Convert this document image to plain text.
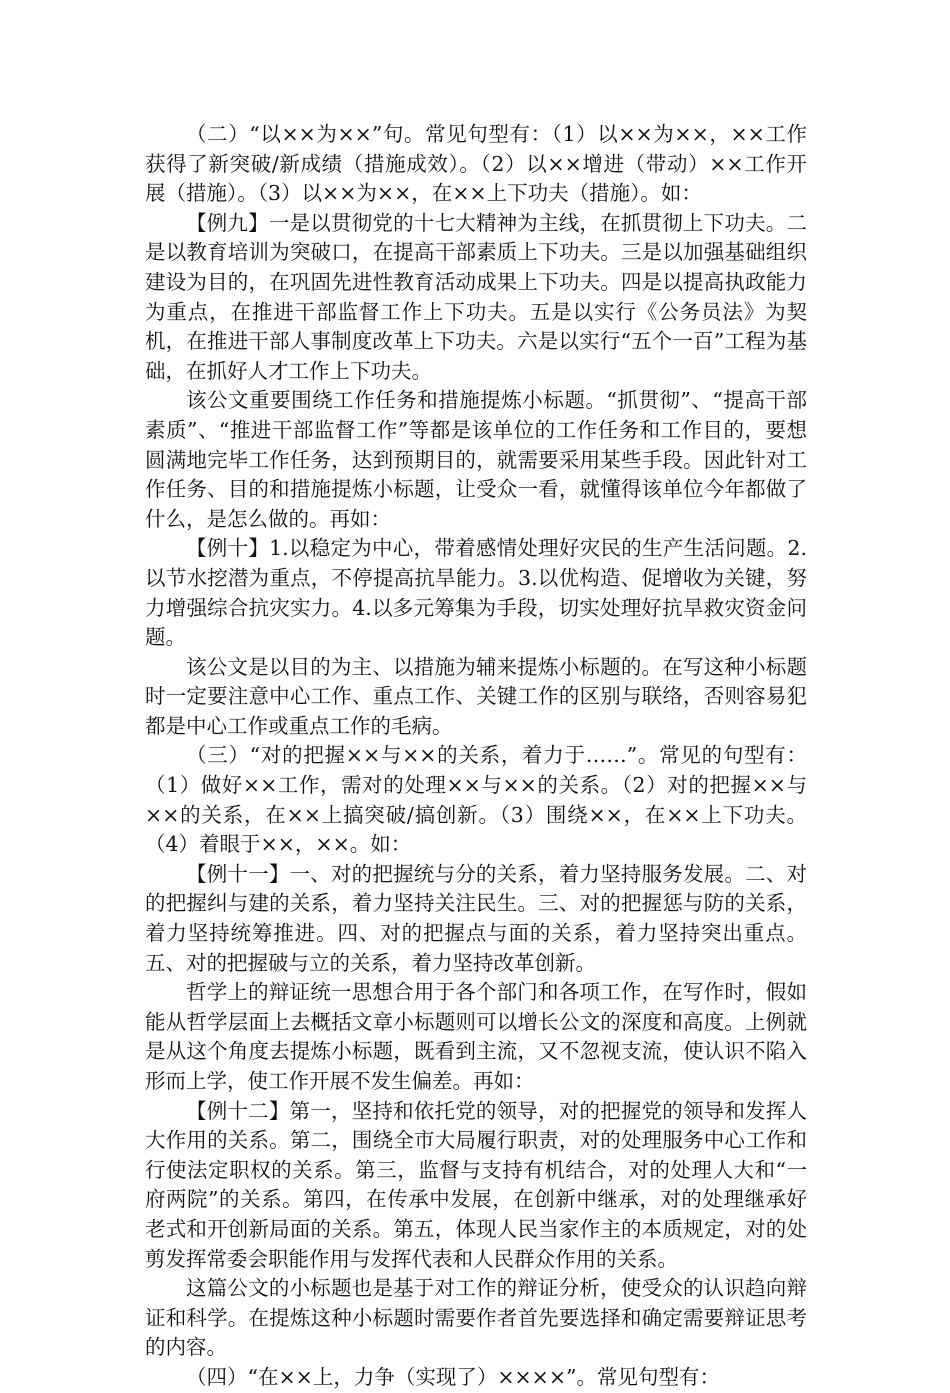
（二）“以××为××”句。常见句型有：（1）以××为××，××工作获得了新突破/新成绩（措施成效）。（2）以××增进（带动）××工作开展（措施）。（3）以××为××，在××上下功夫（措施）。如：

【例九】一是以贯彻党的十七大精神为主线，在抓贯彻上下功夫。二是以教育培训为突破口，在提高干部素质上下功夫。三是以加强基础组织建设为目的，在巩固先进性教育活动成果上下功夫。四是以提高执政能力为重点，在推进干部监督工作上下功夫。五是以实行《公务员法》为契机，在推进干部人事制度改革上下功夫。六是以实行“五个一百”工程为基础，在抓好人才工作上下功夫。

该公文重要围绕工作任务和措施提炼小标题。“抓贯彻”、“提高干部素质”、“推进干部监督工作”等都是该单位的工作任务和工作目的，要想圆满地完毕工作任务，达到预期目的，就需要采用某些手段。因此针对工作任务、目的和措施提炼小标题，让受众一看，就懂得该单位今年都做了什么，是怎么做的。再如：

【例十】1.以稳定为中心，带着感情处理好灾民的生产生活问题。2.以节水挖潜为重点，不停提高抗旱能力。3.以优构造、促增收为关键，努力增强综合抗灾实力。4.以多元筹集为手段，切实处理好抗旱救灾资金问题。

该公文是以目的为主、以措施为辅来提炼小标题的。在写这种小标题时一定要注意中心工作、重点工作、关键工作的区别与联络，否则容易犯都是中心工作或重点工作的毛病。

（三）“对的把握××与××的关系，着力于……”。常见的句型有：（1）做好××工作，需对的处理××与××的关系。（2）对的把握××与××的关系，在××上搞突破/搞创新。（3）围绕××，在××上下功夫。（4）着眼于××，××。如：

【例十一】一、对的把握统与分的关系，着力坚持服务发展。二、对的把握纠与建的关系，着力坚持关注民生。三、对的把握惩与防的关系，着力坚持统筹推进。四、对的把握点与面的关系，着力坚持突出重点。五、对的把握破与立的关系，着力坚持改革创新。

哲学上的辩证统一思想合用于各个部门和各项工作，在写作时，假如能从哲学层面上去概括文章小标题则可以增长公文的深度和高度。上例就是从这个角度去提炼小标题，既看到主流，又不忽视支流，使认识不陷入形而上学，使工作开展不发生偏差。再如：

【例十二】第一，坚持和依托党的领导，对的把握党的领导和发挥人大作用的关系。第二，围绕全市大局履行职责，对的处理服务中心工作和行使法定职权的关系。第三，监督与支持有机结合，对的处理人大和“一府两院”的关系。第四，在传承中发展，在创新中继承，对的处理继承好老式和开创新局面的关系。第五，体现人民当家作主的本质规定，对的处剪发挥常委会职能作用与发挥代表和人民群众作用的关系。

这篇公文的小标题也是基于对工作的辩证分析，使受众的认识趋向辩证和科学。在提炼这种小标题时需要作者首先要选择和确定需要辩证思考的内容。

（四）“在××上，力争（实现了）××××”。常见句型有：
